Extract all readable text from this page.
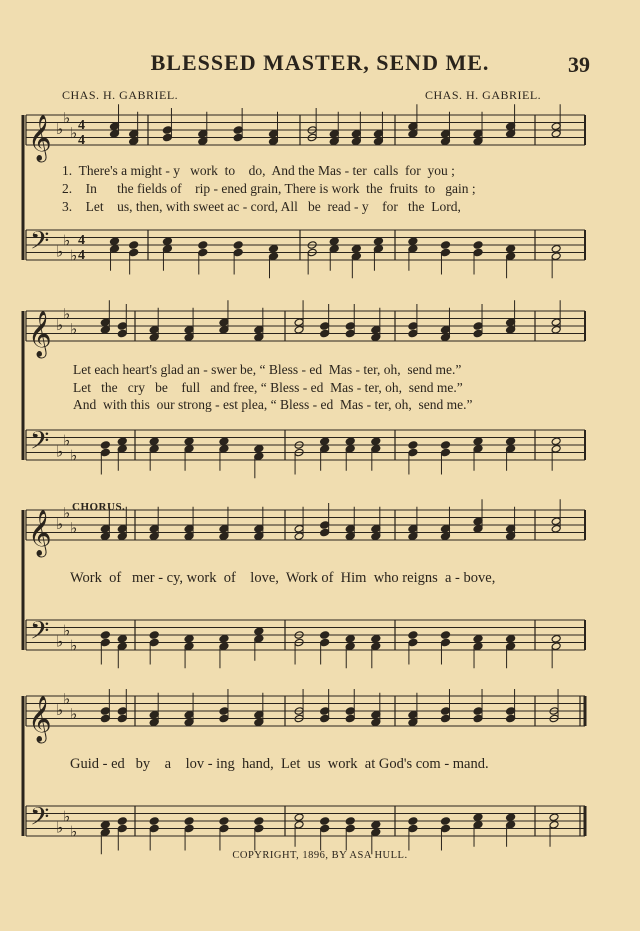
BLESSED MASTER, SEND ME.	39
CHAS. H. GABRIEL.	CHAS. H. GABRIEL.
1.  There's a might - y   work  to    do,  And the Mas - ter  calls  for  you ;
2.    In      the fields of    rip - ened grain, There is work  the  fruits  to   gain ;
3.    Let    us, then, with sweet ac - cord, All   be  read - y    for   the  Lord,
Let each heart's glad an - swer be, “ Bless - ed  Mas - ter, oh,  send me.”
Let   the   cry   be    full   and free, “ Bless - ed  Mas - ter, oh,  send me.”
And  with this  our strong - est plea, “ Bless - ed  Mas - ter, oh,  send me.”
CHORUS.
Work  of   mer - cy, work  of    love,  Work of  Him  who reigns  a - bove,
Guid - ed   by    a    lov - ing  hand,  Let  us  work  at God's com - mand.
COPYRIGHT, 1896, BY ASA HULL.
𝄞 ♭
♭
♭ 4
4
𝄢 ♭
♭
♭
4
4
𝄞 ♭
♭
♭
𝄢 ♭
♭
♭
𝄞 ♭
♭
♭
𝄢 ♭
♭
♭
𝄞 ♭
♭
♭
𝄢 ♭
♭
♭
